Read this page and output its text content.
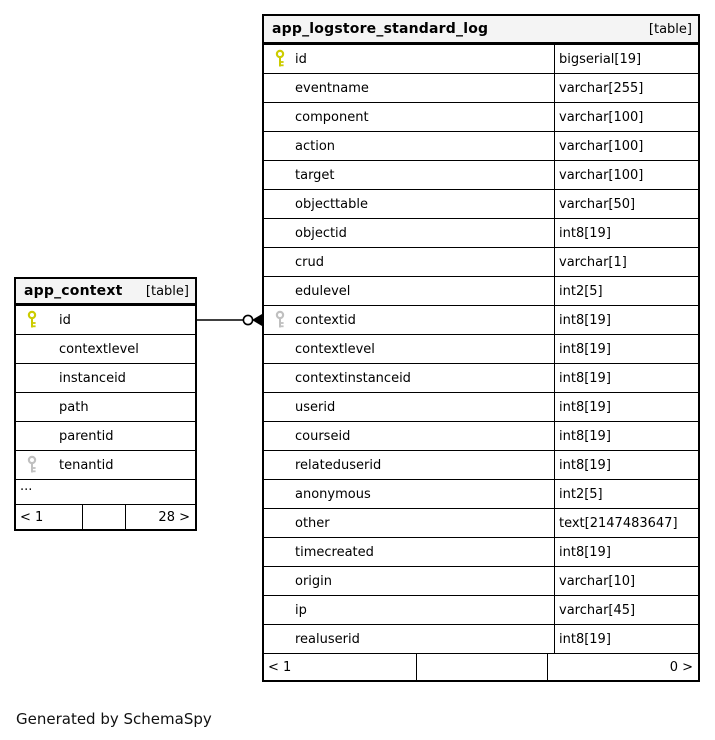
app_context [table]
id
contextlevel
instanceid
path
parentid
tenantid
...
< 1	28 >
app_logstore_standard_log	[table]
id	bigserial[19]
eventname	varchar[255]
component	varchar[100]
action	varchar[100]
target	varchar[100]
objecttable	varchar[50]
objectid	int8[19]
crud	varchar[1]
edulevel	int2[5]
contextid	int8[19]
contextlevel	int8[19]
contextinstanceid	int8[19]
userid	int8[19]
courseid	int8[19]
relateduserid	int8[19]
anonymous	int2[5]
other	text[2147483647]
timecreated	int8[19]
origin	varchar[10]
ip	varchar[45]
realuserid	int8[19]
< 1	0 >
Generated by SchemaSpy
